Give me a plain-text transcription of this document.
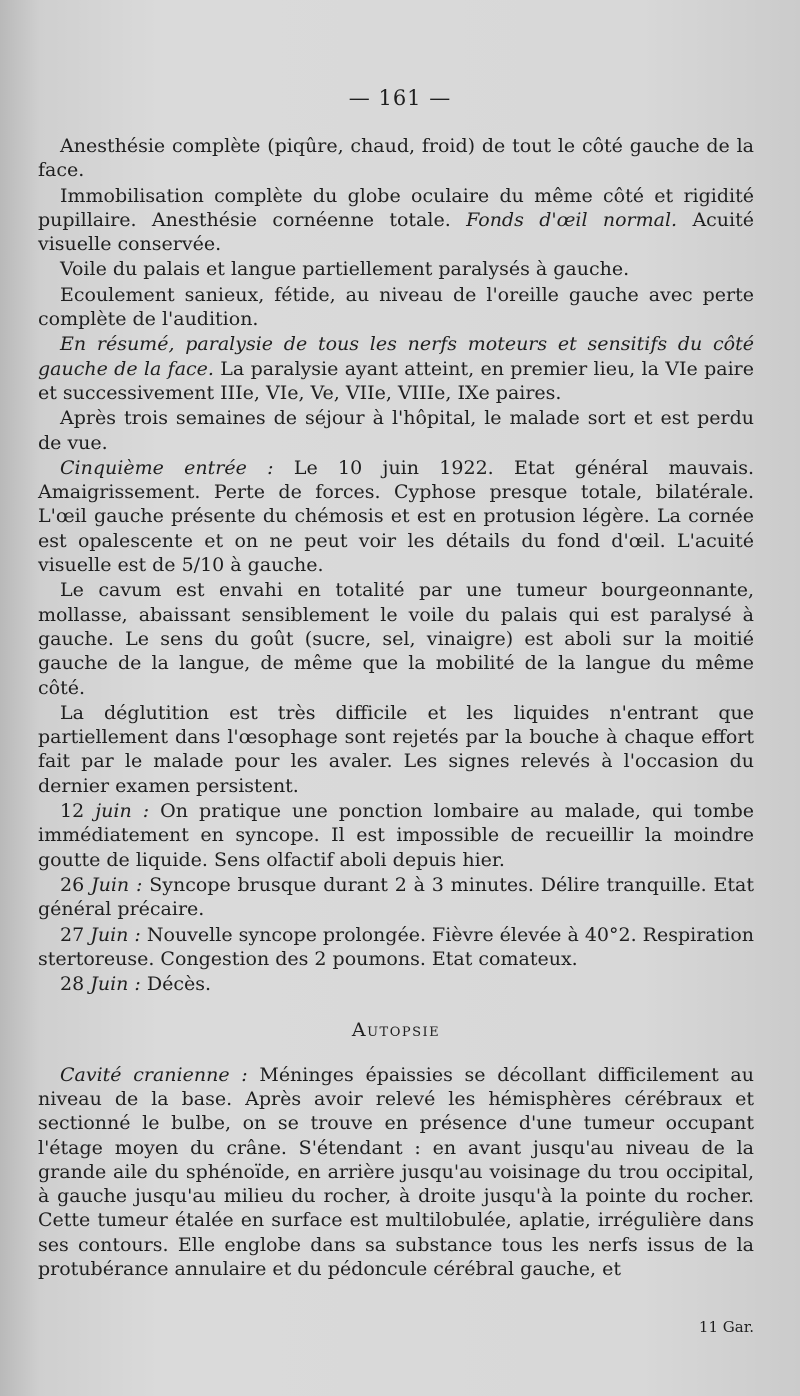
— 161 —

Anesthésie complète (piqûre, chaud, froid) de tout le côté gauche de la face.

Immobilisation complète du globe oculaire du même côté et rigidité pupillaire. Anesthésie cornéenne totale. Fonds d'œil normal. Acuité visuelle conservée.

Voile du palais et langue partiellement paralysés à gauche.

Ecoulement sanieux, fétide, au niveau de l'oreille gauche avec perte complète de l'audition.

En résumé, paralysie de tous les nerfs moteurs et sensitifs du côté gauche de la face. La paralysie ayant atteint, en premier lieu, la VIe paire et successivement IIIe, VIe, Ve, VIIe, VIIIe, IXe paires.

Après trois semaines de séjour à l'hôpital, le malade sort et est perdu de vue.

Cinquième entrée : Le 10 juin 1922. Etat général mauvais. Amaigrissement. Perte de forces. Cyphose presque totale, bilatérale. L'œil gauche présente du chémosis et est en protusion légère. La cornée est opalescente et on ne peut voir les détails du fond d'œil. L'acuité visuelle est de 5/10 à gauche.

Le cavum est envahi en totalité par une tumeur bourgeonnante, mollasse, abaissant sensiblement le voile du palais qui est paralysé à gauche. Le sens du goût (sucre, sel, vinaigre) est aboli sur la moitié gauche de la langue, de même que la mobilité de la langue du même côté.

La déglutition est très difficile et les liquides n'entrant que partiellement dans l'œsophage sont rejetés par la bouche à chaque effort fait par le malade pour les avaler. Les signes relevés à l'occasion du dernier examen persistent.

12 juin : On pratique une ponction lombaire au malade, qui tombe immédiatement en syncope. Il est impossible de recueillir la moindre goutte de liquide. Sens olfactif aboli depuis hier.

26 Juin : Syncope brusque durant 2 à 3 minutes. Délire tranquille. Etat général précaire.

27 Juin : Nouvelle syncope prolongée. Fièvre élevée à 40°2. Respiration stertoreuse. Congestion des 2 poumons. Etat comateux.

28 Juin : Décès.

Autopsie

Cavité cranienne : Méninges épaissies se décollant difficilement au niveau de la base. Après avoir relevé les hémisphères cérébraux et sectionné le bulbe, on se trouve en présence d'une tumeur occupant l'étage moyen du crâne. S'étendant : en avant jusqu'au niveau de la grande aile du sphénoïde, en arrière jusqu'au voisinage du trou occipital, à gauche jusqu'au milieu du rocher, à droite jusqu'à la pointe du rocher. Cette tumeur étalée en surface est multilobulée, aplatie, irrégulière dans ses contours. Elle englobe dans sa substance tous les nerfs issus de la protubérance annulaire et du pédoncule cérébral gauche, et

11 Gar.
